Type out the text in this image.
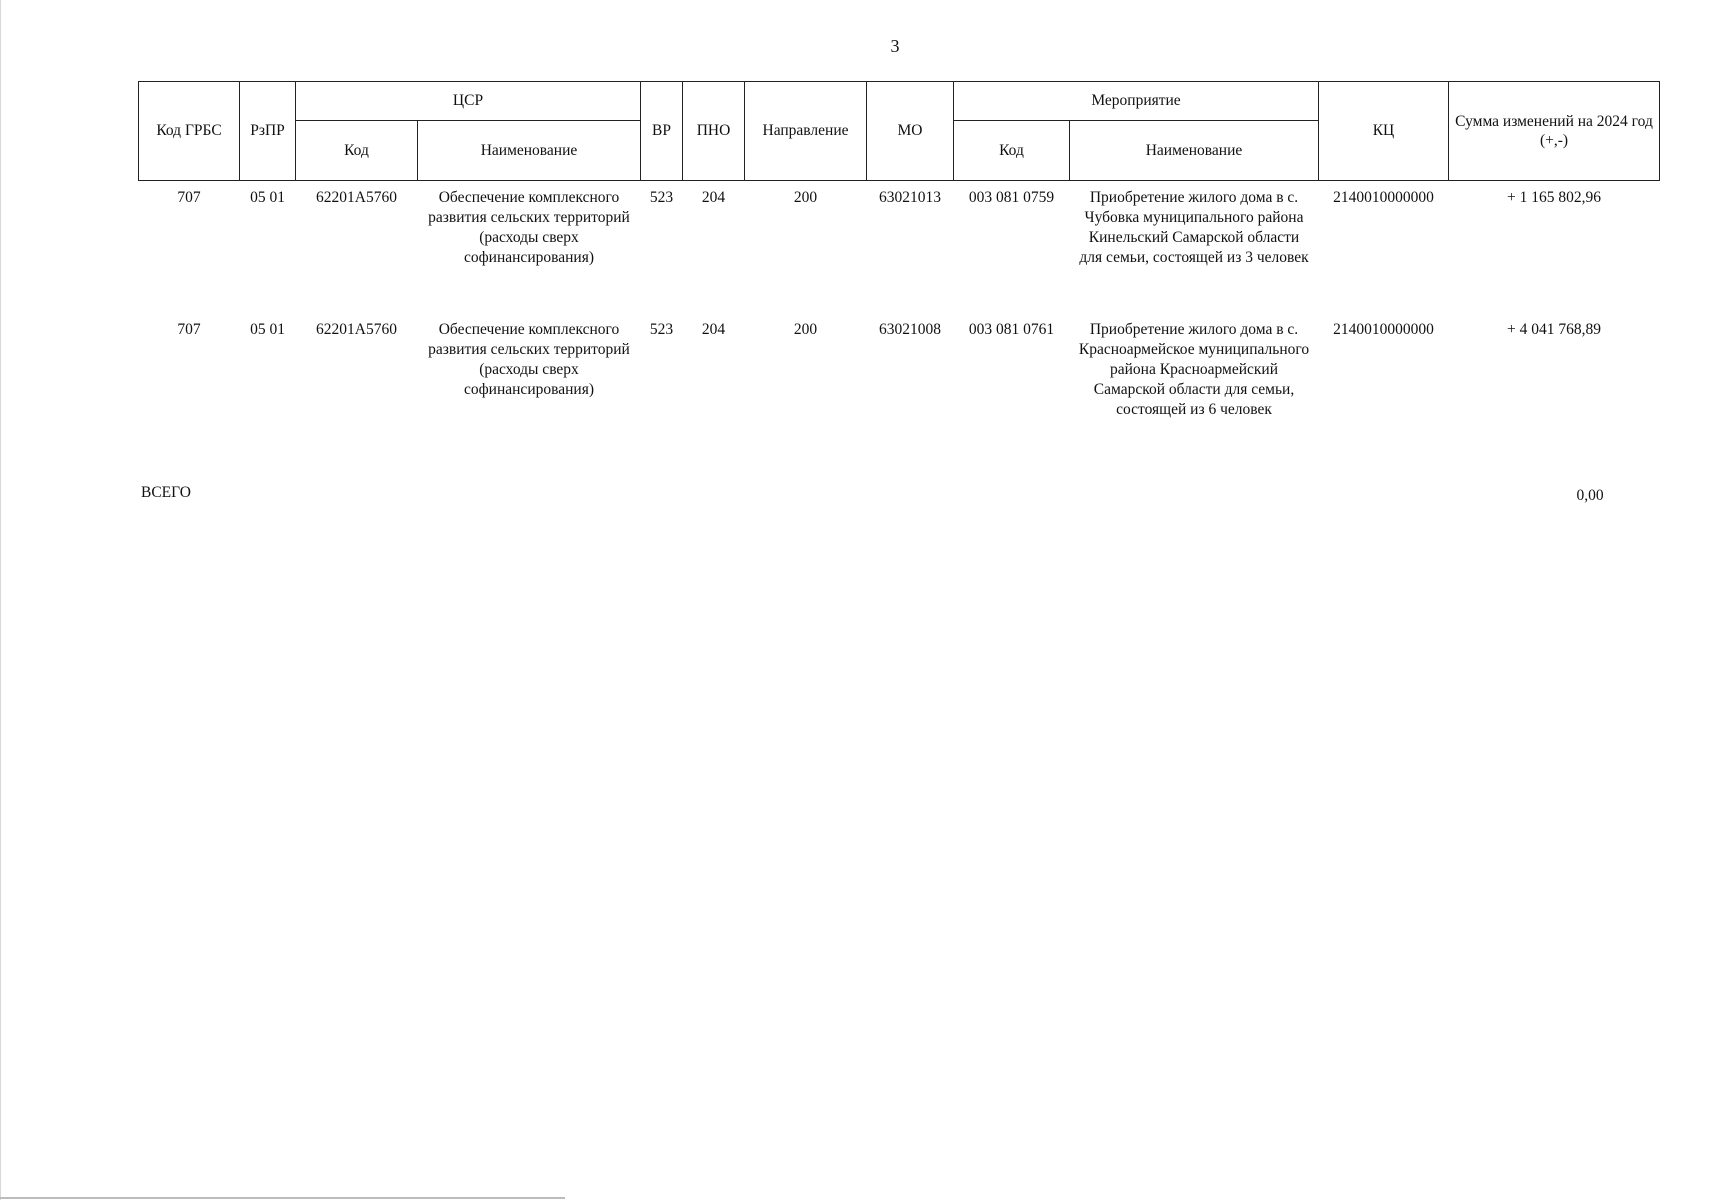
3
Код ГРБС	РзПР	ЦСР		ВР	ПНО	Направление	МО	Мероприятие		КЦ	Сумма изменений на 2024 год (+,-)
		Код	Наименование					Код	Наименование		
707	05 01	62201A5760	Обеспечение комплексного развития сельских территорий (расходы сверх софинансирования)	523	204	200	63021013	003 081 0759	Приобретение жилого дома в с. Чубовка муниципального района Кинельский Самарской области для семьи, состоящей из 3 человек	2140010000000	+ 1 165 802,96
707	05 01	62201A5760	Обеспечение комплексного развития сельских территорий (расходы сверх софинансирования)	523	204	200	63021008	003 081 0761	Приобретение жилого дома в с. Красноармейское муниципального района Красноармейский Самарской области для семьи, состоящей из 6 человек	2140010000000	+ 4 041 768,89
ВСЕГО	0,00
